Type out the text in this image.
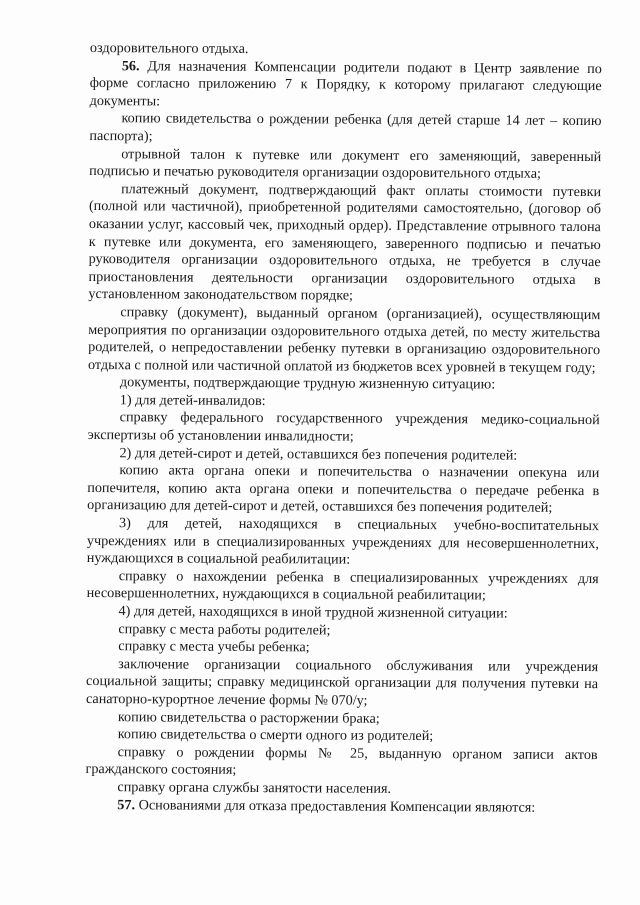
оздоровительного отдыха.

56. Для назначения Компенсации родители подают в Центр заявление по форме согласно приложению 7 к Порядку, к которому прилагают следующие документы:

копию свидетельства о рождении ребенка (для детей старше 14 лет – копию паспорта);

отрывной талон к путевке или документ его заменяющий, заверенный подписью и печатью руководителя организации оздоровительного отдыха;

платежный документ, подтверждающий факт оплаты стоимости путевки (полной или частичной), приобретенной родителями самостоятельно, (договор об оказании услуг, кассовый чек, приходный ордер). Представление отрывного талона к путевке или документа, его заменяющего, заверенного подписью и печатью руководителя организации оздоровительного отдыха, не требуется в случае приостановления деятельности организации оздоровительного отдыха в установленном законодательством порядке;

справку (документ), выданный органом (организацией), осуществляющим мероприятия по организации оздоровительного отдыха детей, по месту жительства родителей, о непредоставлении ребенку путевки в организацию оздоровительного отдыха с полной или частичной оплатой из бюджетов всех уровней в текущем году;

документы, подтверждающие трудную жизненную ситуацию:

1) для детей-инвалидов:

справку федерального государственного учреждения медико-социальной экспертизы об установлении инвалидности;

2) для детей-сирот и детей, оставшихся без попечения родителей:

копию акта органа опеки и попечительства о назначении опекуна или попечителя, копию акта органа опеки и попечительства о передаче ребенка в организацию для детей-сирот и детей, оставшихся без попечения родителей;

3) для детей, находящихся в специальных учебно-воспитательных учреждениях или в специализированных учреждениях для несовершеннолетних, нуждающихся в социальной реабилитации:

справку о нахождении ребенка в специализированных учреждениях для несовершеннолетних, нуждающихся в социальной реабилитации;

4) для детей, находящихся в иной трудной жизненной ситуации:

справку с места работы родителей;

справку с места учебы ребенка;

заключение организации социального обслуживания или учреждения социальной защиты; справку медицинской организации для получения путевки на санаторно-курортное лечение формы № 070/у;

копию свидетельства о расторжении брака;

копию свидетельства о смерти одного из родителей;

справку о рождении формы № 25, выданную органом записи актов гражданского состояния;

справку органа службы занятости населения.

57. Основаниями для отказа предоставления Компенсации являются:
